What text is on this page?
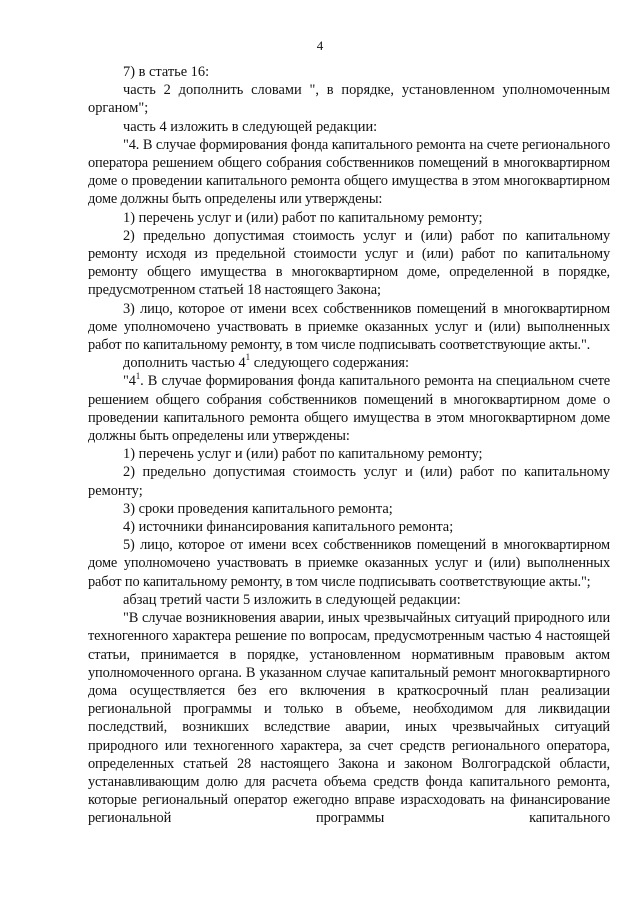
4

7) в статье 16:

часть 2 дополнить словами ", в порядке, установленном уполномоченным органом";

часть 4 изложить в следующей редакции:

"4. В случае формирования фонда капитального ремонта на счете регионального оператора решением общего собрания собственников помещений в многоквартирном доме о проведении капитального ремонта общего имущества в этом многоквартирном доме должны быть определены или утверждены:

1) перечень услуг и (или) работ по капитальному ремонту;

2) предельно допустимая стоимость услуг и (или) работ по капитальному ремонту исходя из предельной стоимости услуг и (или) работ по капитальному ремонту общего имущества в многоквартирном доме, определенной в порядке, предусмотренном статьей 18 настоящего Закона;

3) лицо, которое от имени всех собственников помещений в многоквартирном доме уполномочено участвовать в приемке оказанных услуг и (или) выполненных работ по капитальному ремонту, в том числе подписывать соответствующие акты.".

дополнить частью $4^1$ следующего содержания:

"$4^1$. В случае формирования фонда капитального ремонта на специальном счете решением общего собрания собственников помещений в многоквартирном доме о проведении капитального ремонта общего имущества в этом многоквартирном доме должны быть определены или утверждены:

1) перечень услуг и (или) работ по капитальному ремонту;

2) предельно допустимая стоимость услуг и (или) работ по капитальному ремонту;

3) сроки проведения капитального ремонта;

4) источники финансирования капитального ремонта;

5) лицо, которое от имени всех собственников помещений в многоквартирном доме уполномочено участвовать в приемке оказанных услуг и (или) выполненных работ по капитальному ремонту, в том числе подписывать соответствующие акты.";

абзац третий части 5 изложить в следующей редакции:

"В случае возникновения аварии, иных чрезвычайных ситуаций природного или техногенного характера решение по вопросам, предусмотренным частью 4 настоящей статьи, принимается в порядке, установленном нормативным правовым актом уполномоченного органа. В указанном случае капитальный ремонт многоквартирного дома осуществляется без его включения в краткосрочный план реализации региональной программы и только в объеме, необходимом для ликвидации последствий, возникших вследствие аварии, иных чрезвычайных ситуаций природного или техногенного характера, за счет средств регионального оператора, определенных статьей 28 настоящего Закона и законом Волгоградской области, устанавливающим долю для расчета объема средств фонда капитального ремонта, которые региональный оператор ежегодно вправе израсходовать на финансирование региональной программы капитального
